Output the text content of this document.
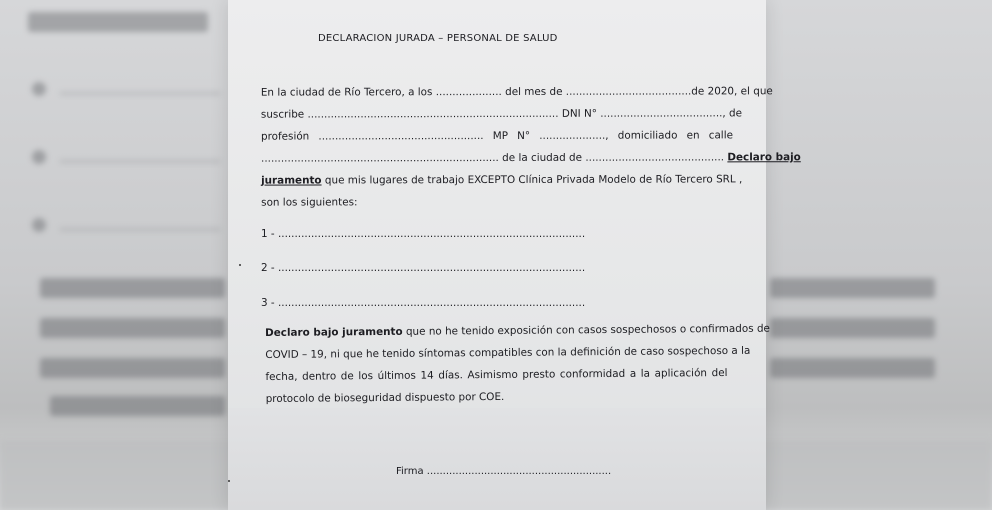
DECLARACION JURADA – PERSONAL DE SALUD
En la ciudad de Río Tercero, a los .................... del mes de ......................................de 2020, el que
suscribe ............................................................................ DNI N° ....................................., de
profesión .................................................. MP N° ...................., domiciliado en calle
........................................................................ de la ciudad de .......................................... Declaro bajo
juramento que mis lugares de trabajo EXCEPTO Clínica Privada Modelo de Río Tercero SRL ,
son los siguientes:
1 - .............................................................................................
2 - .............................................................................................
3 - .............................................................................................
Declaro bajo juramento que no he tenido exposición con casos sospechosos o confirmados de
COVID – 19, ni que he tenido síntomas compatibles con la definición de caso sospechoso a la
fecha, dentro de los últimos 14 días. Asimismo presto conformidad a la aplicación del
protocolo de bioseguridad dispuesto por COE.
Firma ..........................................................
